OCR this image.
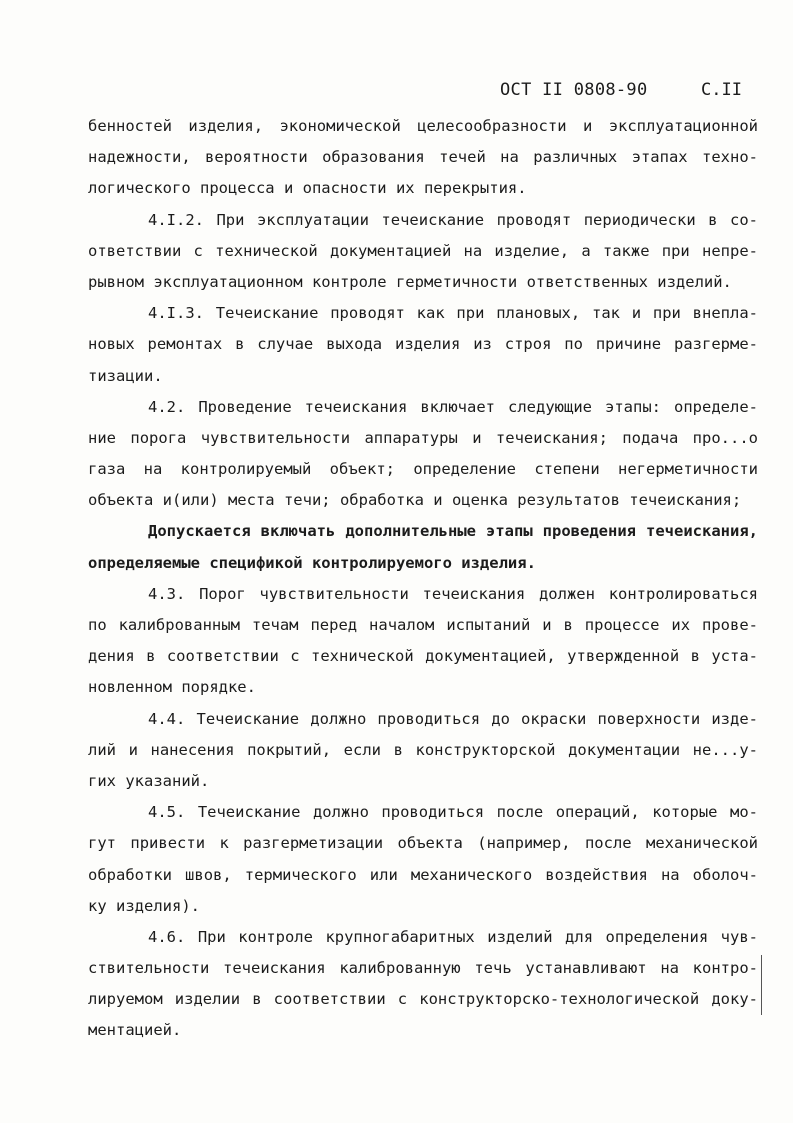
ОСТ II 0808-90	С.II
бенностей изделия, экономической целесообразности и эксплуатационной
надежности, вероятности образования течей на различных этапах техно-
логического процесса и опасности их перекрытия.
4.I.2. При эксплуатации течеискание проводят периодически в со-
ответствии с технической документацией на изделие, а также при непре-
рывном эксплуатационном контроле герметичности ответственных изделий.
4.I.3. Течеискание проводят как при плановых, так и при внепла-
новых ремонтах в случае выхода изделия из строя по причине разгерме-
тизации.
4.2. Проведение течеискания включает следующие этапы: определе-
ние порога чувствительности аппаратуры и течеискания; подача про...о
газа на контролируемый объект; определение степени негерметичности
объекта и(или) места течи; обработка и оценка результатов течеискания;
Допускается включать дополнительные этапы проведения течеискания,
определяемые спецификой контролируемого изделия.
4.3. Порог чувствительности течеискания должен контролироваться
по калиброванным течам перед началом испытаний и в процессе их прове-
дения в соответствии с технической документацией, утвержденной в уста-
новленном порядке.
4.4. Течеискание должно проводиться до окраски поверхности изде-
лий и нанесения покрытий, если в конструкторской документации не...у-
гих указаний.
4.5. Течеискание должно проводиться после операций, которые мо-
гут привести к разгерметизации объекта (например, после механической
обработки швов, термического или механического воздействия на оболоч-
ку изделия).
4.6. При контроле крупногабаритных изделий для определения чув-
ствительности течеискания калиброванную течь устанавливают на контро-
лируемом изделии в соответствии с конструкторско-технологической доку-
ментацией.
